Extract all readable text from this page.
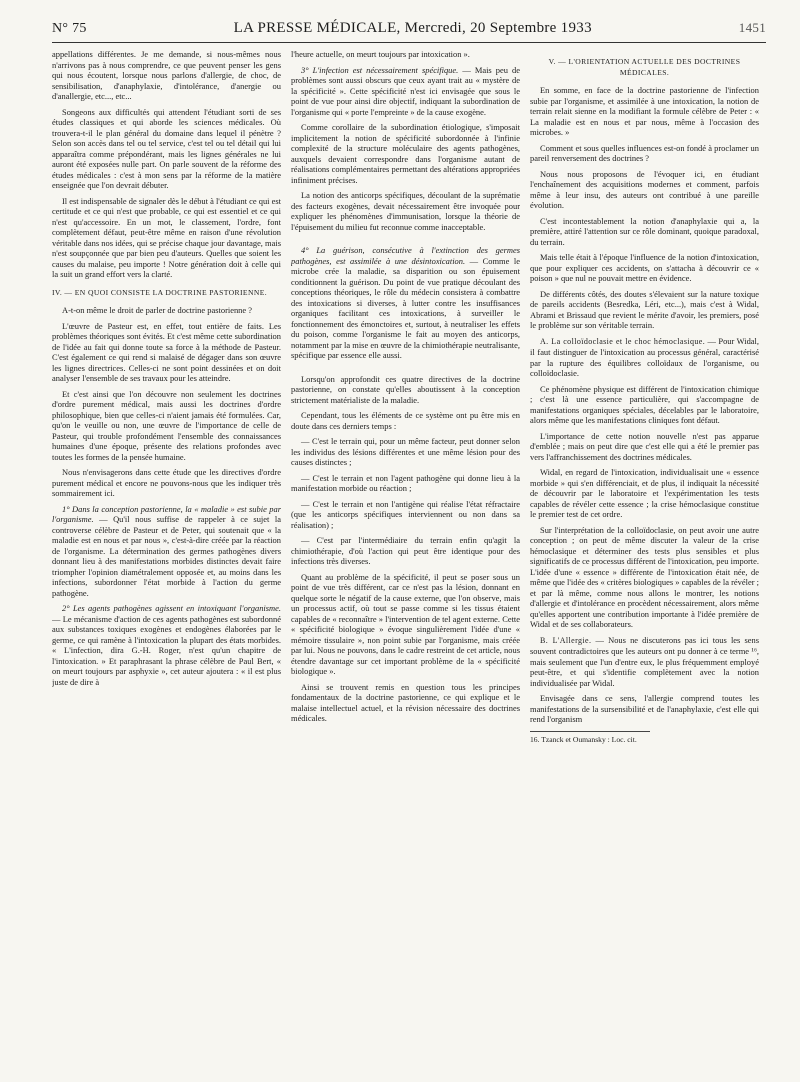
N° 75	LA PRESSE MÉDICALE, Mercredi, 20 Septembre 1933	1451

appellations différentes. Je me demande, si nous-mêmes nous n'arrivons pas à nous comprendre, ce que peuvent penser les gens qui nous écoutent, lorsque nous parlons d'allergie, de choc, de sensibilisation, d'anaphylaxie, d'intolérance, d'anergie ou d'anallergie, etc..., etc...

Songeons aux difficultés qui attendent l'étudiant sorti de ses études classiques et qui aborde les sciences médicales. Où trouvera-t-il le plan général du domaine dans lequel il pénètre ? Selon son accès dans tel ou tel service, c'est tel ou tel détail qui lui apparaîtra comme prépondérant, mais les lignes générales ne lui auront été exposées nulle part. On parle souvent de la réforme des études médicales : c'est à mon sens par la réforme de la matière enseignée que l'on devrait débuter.

Il est indispensable de signaler dès le début à l'étudiant ce qui est certitude et ce qui n'est que probable, ce qui est essentiel et ce qui n'est qu'accessoire. En un mot, le classement, l'ordre, font complètement défaut, peut-être même en raison d'une révolution véritable dans nos idées, qui se précise chaque jour davantage, mais n'est soupçonnée que par bien peu d'auteurs. Quelles que soient les causes du malaise, peu importe ! Notre génération doit à celle qui la suit un grand effort vers la clarté.

IV. — EN QUOI CONSISTE LA DOCTRINE PASTORIENNE.

A-t-on même le droit de parler de doctrine pastorienne ?

L'œuvre de Pasteur est, en effet, tout entière de faits. Les problèmes théoriques sont évités. Et c'est même cette subordination de l'idée au fait qui donne toute sa force à la méthode de Pasteur. C'est également ce qui rend si malaisé de dégager dans son œuvre les lignes directrices. Celles-ci ne sont point dessinées et on doit analyser l'ensemble de ses travaux pour les atteindre.

Et c'est ainsi que l'on découvre non seulement les doctrines d'ordre purement médical, mais aussi les doctrines d'ordre philosophique, bien que celles-ci n'aient jamais été formulées. Car, qu'on le veuille ou non, une œuvre de l'importance de celle de Pasteur, qui trouble profondément l'ensemble des connaissances humaines d'une époque, présente des relations profondes avec toutes les formes de la pensée humaine.

Nous n'envisagerons dans cette étude que les directives d'ordre purement médical et encore ne pouvons-nous que les indiquer très sommairement ici.

1° Dans la conception pastorienne, la « maladie » est subie par l'organisme. — Qu'il nous suffise de rappeler à ce sujet la controverse célèbre de Pasteur et de Peter, qui soutenait que « la maladie est en nous et par nous », c'est-à-dire créée par la réaction de l'organisme. La détermination des germes pathogènes divers donnant lieu à des manifestations morbides distinctes devait faire triompher l'opinion diamétralement opposée et, au moins dans les infections, subordonner l'état morbide à l'action du germe pathogène.

2° Les agents pathogènes agissent en intoxiquant l'organisme. — Le mécanisme d'action de ces agents pathogènes est subordonné aux substances toxiques exogènes et endogènes élaborées par le germe, ce qui ramène à l'intoxication la plupart des états morbides. « L'infection, dira G.-H. Roger, n'est qu'un chapitre de l'intoxication. » Et paraphrasant la phrase célèbre de Paul Bert, « on meurt toujours par asphyxie », cet auteur ajoutera : « il est plus juste de dire à

l'heure actuelle, on meurt toujours par intoxication ».

3° L'infection est nécessairement spécifique. — Mais peu de problèmes sont aussi obscurs que ceux ayant trait au « mystère de la spécificité ». Cette spécificité n'est ici envisagée que sous le point de vue pour ainsi dire objectif, indiquant la subordination de l'organisme qui « porte l'empreinte » de la cause exogène.

Comme corollaire de la subordination étiologique, s'imposait implicitement la notion de spécificité subordonnée à l'infinie complexité de la structure moléculaire des agents pathogènes, auxquels devaient correspondre dans l'organisme autant de réalisations complémentaires permettant des altérations appropriées infiniment précises.

La notion des anticorps spécifiques, découlant de la suprématie des facteurs exogènes, devait nécessairement être invoquée pour expliquer les phénomènes d'immunisation, lorsque la théorie de l'épuisement du milieu fut reconnue comme inacceptable.

4° La guérison, consécutive à l'extinction des germes pathogènes, est assimilée à une désintoxication. — Comme le microbe crée la maladie, sa disparition ou son épuisement conditionnent la guérison. Du point de vue pratique découlant des conceptions théoriques, le rôle du médecin consistera à combattre des intoxications si diverses, à lutter contre les insuffisances organiques facilitant ces intoxications, à surveiller le fonctionnement des émonctoires et, surtout, à neutraliser les effets du poison, comme l'organisme le fait au moyen des anticorps, notamment par la mise en œuvre de la chimiothérapie neutralisante, spécifique par essence elle aussi.

Lorsqu'on approfondit ces quatre directives de la doctrine pastorienne, on constate qu'elles aboutissent à la conception strictement matérialiste de la maladie.

Cependant, tous les éléments de ce système ont pu être mis en doute dans ces derniers temps :

— C'est le terrain qui, pour un même facteur, peut donner selon les individus des lésions différentes et une même lésion pour des causes distinctes ;

— C'est le terrain et non l'agent pathogène qui donne lieu à la manifestation morbide ou réaction ;

— C'est le terrain et non l'antigène qui réalise l'état réfractaire (que les anticorps spécifiques interviennent ou non dans sa réalisation) ;

— C'est par l'intermédiaire du terrain enfin qu'agit la chimiothérapie, d'où l'action qui peut être identique pour des infections très diverses.

Quant au problème de la spécificité, il peut se poser sous un point de vue très différent, car ce n'est pas la lésion, donnant en quelque sorte le négatif de la cause externe, que l'on observe, mais un processus actif, où tout se passe comme si les tissus étaient capables de « reconnaître » l'intervention de tel agent externe. Cette « spécificité biologique » évoque singulièrement l'idée d'une « mémoire tissulaire », non point subie par l'organisme, mais créée par lui. Nous ne pouvons, dans le cadre restreint de cet article, nous étendre davantage sur cet important problème de la « spécificité biologique ».

Ainsi se trouvent remis en question tous les principes fondamentaux de la doctrine pastorienne, ce qui explique et le malaise intellectuel actuel, et la révision nécessaire des doctrines médicales.

V. — L'ORIENTATION ACTUELLE DES DOCTRINES MÉDICALES.

En somme, en face de la doctrine pastorienne de l'infection subie par l'organisme, et assimilée à une intoxication, la notion de terrain relait sienne en la modifiant la formule célèbre de Peter : « La maladie est en nous et par nous, même à l'occasion des microbes. »

Comment et sous quelles influences est-on fondé à proclamer un pareil renversement des doctrines ?

Nous nous proposons de l'évoquer ici, en étudiant l'enchaînement des acquisitions modernes et comment, parfois même à leur insu, des auteurs ont contribué à une pareille évolution.

C'est incontestablement la notion d'anaphylaxie qui a, la première, attiré l'attention sur ce rôle dominant, quoique paradoxal, du terrain.

Mais telle était à l'époque l'influence de la notion d'intoxication, que pour expliquer ces accidents, on s'attacha à découvrir ce « poison » que nul ne pouvait mettre en évidence.

De différents côtés, des doutes s'élevaient sur la nature toxique de pareils accidents (Besredka, Léri, etc...), mais c'est à Widal, Abrami et Brissaud que revient le mérite d'avoir, les premiers, posé le problème sur son véritable terrain.

A. La colloïdoclasie et le choc hémoclasique. — Pour Widal, il faut distinguer de l'intoxication au processus général, caractérisé par la rupture des équilibres colloïdaux de l'organisme, ou colloïdoclasie.

Ce phénomène physique est différent de l'intoxication chimique ; c'est là une essence particulière, qui s'accompagne de manifestations organiques spéciales, décelables par le laboratoire, alors même que les manifestations cliniques font défaut.

L'importance de cette notion nouvelle n'est pas apparue d'emblée ; mais on peut dire que c'est elle qui a été le premier pas vers l'affranchissement des doctrines médicales.

Widal, en regard de l'intoxication, individualisait une « essence morbide » qui s'en différenciait, et de plus, il indiquait la nécessité de découvrir par le laboratoire et l'expérimentation les tests capables de révéler cette essence ; la crise hémoclasique constitue le premier test de cet ordre.

Sur l'interprétation de la colloïdoclasie, on peut avoir une autre conception ; on peut de même discuter la valeur de la crise hémoclasique et déterminer des tests plus sensibles et plus significatifs de ce processus différent de l'intoxication, peu importe. L'idée d'une « essence » différente de l'intoxication était née, de même que l'idée des « critères biologiques » capables de la révéler ; et par là même, comme nous allons le montrer, les notions d'allergie et d'intolérance en procèdent nécessairement, alors même qu'elles apportent une contribution importante à l'idée première de Widal et de ses collaborateurs.

B. L'Allergie. — Nous ne discuterons pas ici tous les sens souvent contradictoires que les auteurs ont pu donner à ce terme ¹⁶, mais seulement que l'un d'entre eux, le plus fréquemment employé peut-être, et qui s'identifie complètement avec la notion individualisée par Widal.

Envisagée dans ce sens, l'allergie comprend toutes les manifestations de la sursensibilité et de l'anaphylaxie, c'est elle qui rend l'organism

16. Tzanck et Oumansky : Loc. cit.
